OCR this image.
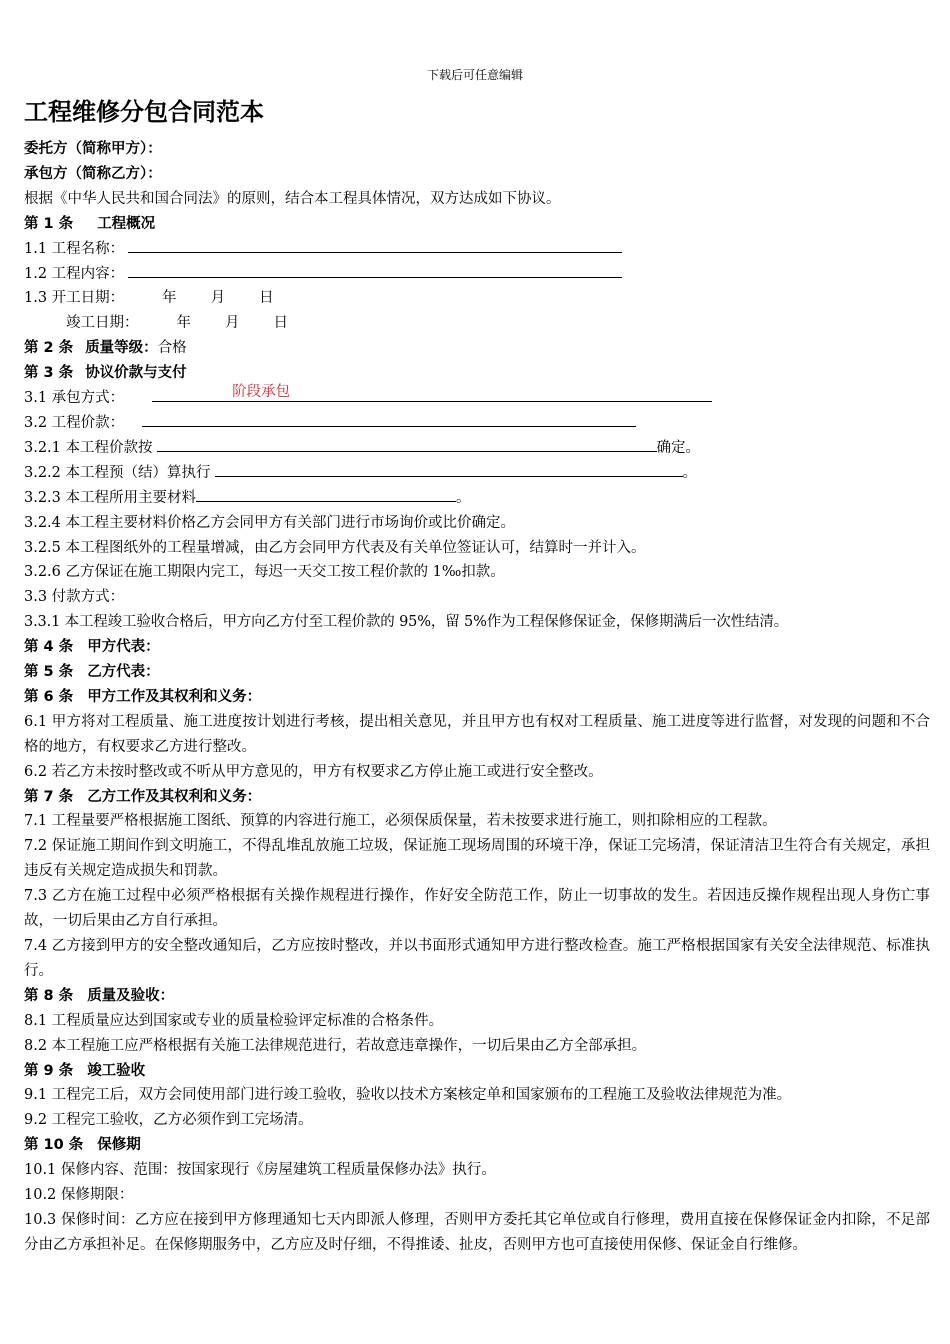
下载后可任意编辑
工程维修分包合同范本
委托方（简称甲方）：
承包方（简称乙方）：
根据《中华人民共和国合同法》的原则，结合本工程具体情况，双方达成如下协议。
第 1 条 工程概况
1.1 工程名称：
1.2 工程内容：
1.3 开工日期：	年 月 日
竣工日期：	年 月 日
第 2 条 质量等级：合格
第 3 条 协议价款与支付
3.1 承包方式：	阶段承包
3.2 工程价款：
3.2.1 本工程价款按	确定。
3.2.2 本工程预（结）算执行	。
3.2.3 本工程所用主要材料	。
3.2.4 本工程主要材料价格乙方会同甲方有关部门进行市场询价或比价确定。
3.2.5 本工程图纸外的工程量增减，由乙方会同甲方代表及有关单位签证认可，结算时一并计入。
3.2.6 乙方保证在施工期限内完工，每迟一天交工按工程价款的 1‰扣款。
3.3 付款方式：
3.3.1 本工程竣工验收合格后，甲方向乙方付至工程价款的 95%，留 5%作为工程保修保证金，保修期满后一次性结清。
第 4 条 甲方代表：
第 5 条 乙方代表：
第 6 条 甲方工作及其权利和义务：
6.1 甲方将对工程质量、施工进度按计划进行考核，提出相关意见，并且甲方也有权对工程质量、施工进度等进行监督，对发现的问题和不合格的地方，有权要求乙方进行整改。
6.2 若乙方未按时整改或不听从甲方意见的，甲方有权要求乙方停止施工或进行安全整改。
第 7 条 乙方工作及其权利和义务：
7.1 工程量要严格根据施工图纸、预算的内容进行施工，必须保质保量，若未按要求进行施工，则扣除相应的工程款。
7.2 保证施工期间作到文明施工，不得乱堆乱放施工垃圾，保证施工现场周围的环境干净，保证工完场清，保证清洁卫生符合有关规定，承担违反有关规定造成损失和罚款。
7.3 乙方在施工过程中必须严格根据有关操作规程进行操作，作好安全防范工作，防止一切事故的发生。若因违反操作规程出现人身伤亡事故，一切后果由乙方自行承担。
7.4 乙方接到甲方的安全整改通知后，乙方应按时整改，并以书面形式通知甲方进行整改检查。施工严格根据国家有关安全法律规范、标准执行。
第 8 条 质量及验收：
8.1 工程质量应达到国家或专业的质量检验评定标准的合格条件。
8.2 本工程施工应严格根据有关施工法律规范进行，若故意违章操作，一切后果由乙方全部承担。
第 9 条 竣工验收
9.1 工程完工后，双方会同使用部门进行竣工验收，验收以技术方案核定单和国家颁布的工程施工及验收法律规范为准。
9.2 工程完工验收，乙方必须作到工完场清。
第 10 条 保修期
10.1 保修内容、范围：按国家现行《房屋建筑工程质量保修办法》执行。
10.2 保修期限：
10.3 保修时间：乙方应在接到甲方修理通知七天内即派人修理，否则甲方委托其它单位或自行修理，费用直接在保修保证金内扣除，不足部分由乙方承担补足。在保修期服务中，乙方应及时仔细，不得推诿、扯皮，否则甲方也可直接使用保修、保证金自行维修。
